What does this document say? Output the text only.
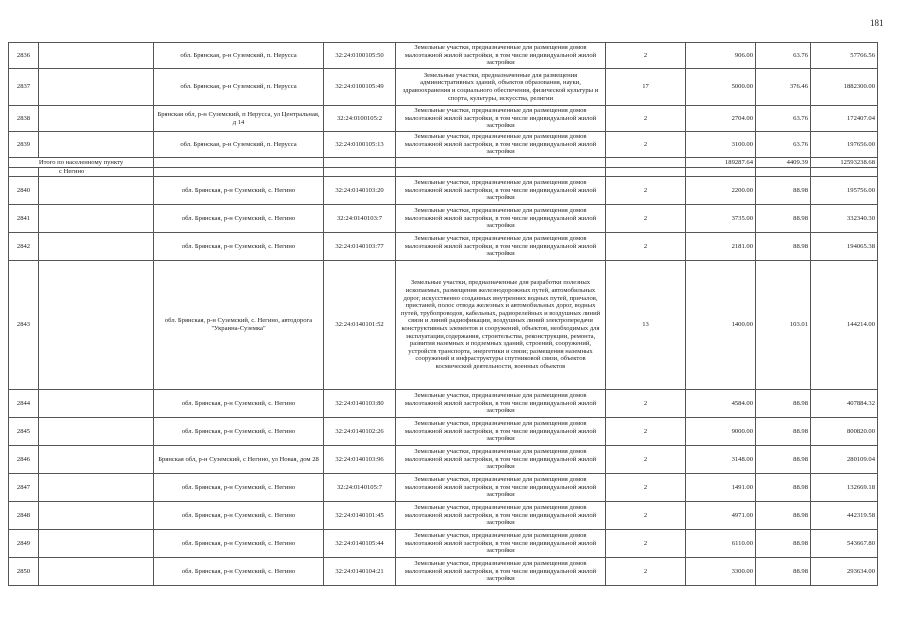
181
2836		обл. Брянская, р-н Суземский, п. Нерусса	32:24:0100105:50	Земельные участки, предназначенные для размещения домов малоэтажной жилой застройки, в том числе индивидуальной жилой застройки	2	906.00	63.76	57766.56
2837		обл. Брянская, р-н Суземский, п. Нерусса	32:24:0100105:49	Земельные участки, предназначенные для размещения административных зданий, объектов образования, науки, здравоохранения и социального обеспечения, физической культуры и спорта, культуры, искусства, религии	17	5000.00	376.46	1882300.00
2838		Брянская обл, р-н Суземский, п Нерусса, ул Центральная, д 14	32:24:0100105:2	Земельные участки, предназначенные для размещения домов малоэтажной жилой застройки, в том числе индивидуальной жилой застройки	2	2704.00	63.76	172407.04
2839		обл. Брянская, р-н Суземский, п. Нерусса	32:24:0100105:13	Земельные участки, предназначенные для размещения домов малоэтажной жилой застройки, в том числе индивидуальной жилой застройки	2	3100.00	63.76	197656.00
Итого по населенному пункту						189287.64	4409.39	12593238.68
	с Негино							
2840		обл. Брянская, р-н Суземский, с. Негино	32:24:0140103:20	Земельные участки, предназначенные для размещения домов малоэтажной жилой застройки, в том числе индивидуальной жилой застройки	2	2200.00	88.98	195756.00
2841		обл. Брянская, р-н Суземский, с. Негино	32:24:0140103:7	Земельные участки, предназначенные для размещения домов малоэтажной жилой застройки, в том числе индивидуальной жилой застройки	2	3735.00	88.98	332340.30
2842		обл. Брянская, р-н Суземский, с. Негино	32:24:0140103:77	Земельные участки, предназначенные для размещения домов малоэтажной жилой застройки, в том числе индивидуальной жилой застройки	2	2181.00	88.98	194065.38
2843		обл. Брянская, р-н Суземский, с. Негино, автодорога "Украина-Суземка"	32:24:0140101:52	Земельные участки, предназначенные для разработки полезных ископаемых, размещения железнодорожных путей, автомобильных дорог, искусственно созданных внутренних водных путей, причалов, пристаней, полос отвода железных и автомобильных дорог, водных путей, трубопроводов, кабельных, радиорелейных и воздушных линий связи и линий радиофикации, воздушных линий электропередачи конструктивных элементов и сооружений, объектов, необходимых для эксплуатации,содержания, строительства, реконструкции, ремонта, развития наземных и подземных зданий, строений, сооружений, устройств транспорта, энергетики и связи; размещения наземных сооружений и инфраструктуры спутниковой связи, объектов космической деятельности, военных объектов	13	1400.00	103.01	144214.00
2844		обл. Брянская, р-н Суземский, с. Негино	32:24:0140103:80	Земельные участки, предназначенные для размещения домов малоэтажной жилой застройки, в том числе индивидуальной жилой застройки	2	4584.00	88.98	407884.32
2845		обл. Брянская, р-н Суземский, с. Негино	32:24:0140102:26	Земельные участки, предназначенные для размещения домов малоэтажной жилой застройки, в том числе индивидуальной жилой застройки	2	9000.00	88.98	800820.00
2846		Брянская обл, р-н Суземский, с Негино, ул Новая, дом 28	32:24:0140103:96	Земельные участки, предназначенные для размещения домов малоэтажной жилой застройки, в том числе индивидуальной жилой застройки	2	3148.00	88.98	280109.04
2847		обл. Брянская, р-н Суземский, с. Негино	32:24:0140105:7	Земельные участки, предназначенные для размещения домов малоэтажной жилой застройки, в том числе индивидуальной жилой застройки	2	1491.00	88.98	132669.18
2848		обл. Брянская, р-н Суземский, с. Негино	32:24:0140101:45	Земельные участки, предназначенные для размещения домов малоэтажной жилой застройки, в том числе индивидуальной жилой застройки	2	4971.00	88.98	442319.58
2849		обл. Брянская, р-н Суземский, с. Негино	32:24:0140105:44	Земельные участки, предназначенные для размещения домов малоэтажной жилой застройки, в том числе индивидуальной жилой застройки	2	6110.00	88.98	543667.80
2850		обл. Брянская, р-н Суземский, с. Негино	32:24:0140104:21	Земельные участки, предназначенные для размещения домов малоэтажной жилой застройки, в том числе индивидуальной жилой застройки	2	3300.00	88.98	293634.00
